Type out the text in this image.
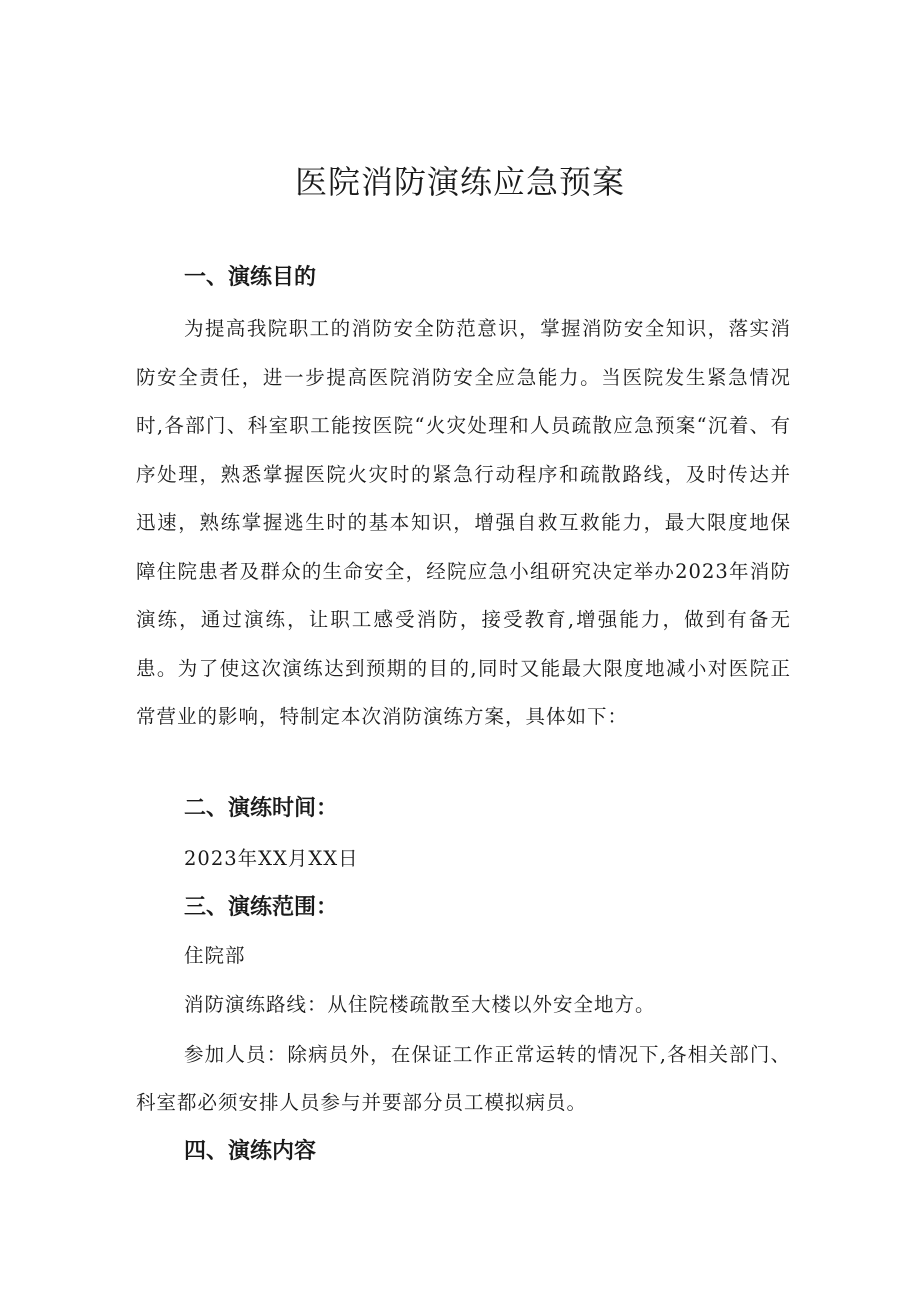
医院消防演练应急预案
一、演练目的

为提高我院职工的消防安全防范意识，掌握消防安全知识，落实消防安全责任，进一步提高医院消防安全应急能力。当医院发生紧急情况时,各部门、科室职工能按医院“火灾处理和人员疏散应急预案“沉着、有序处理，熟悉掌握医院火灾时的紧急行动程序和疏散路线，及时传达并迅速，熟练掌握逃生时的基本知识，增强自救互救能力，最大限度地保障住院患者及群众的生命安全，经院应急小组研究决定举办2023年消防演练，通过演练，让职工感受消防，接受教育,增强能力，做到有备无患。为了使这次演练达到预期的目的,同时又能最大限度地减小对医院正常营业的影响，特制定本次消防演练方案，具体如下：

二、演练时间：

2023年XX月XX日

三、演练范围：

住院部

消防演练路线：从住院楼疏散至大楼以外安全地方。

参加人员：除病员外，在保证工作正常运转的情况下,各相关部门、科室都必须安排人员参与并要部分员工模拟病员。

四、演练内容
